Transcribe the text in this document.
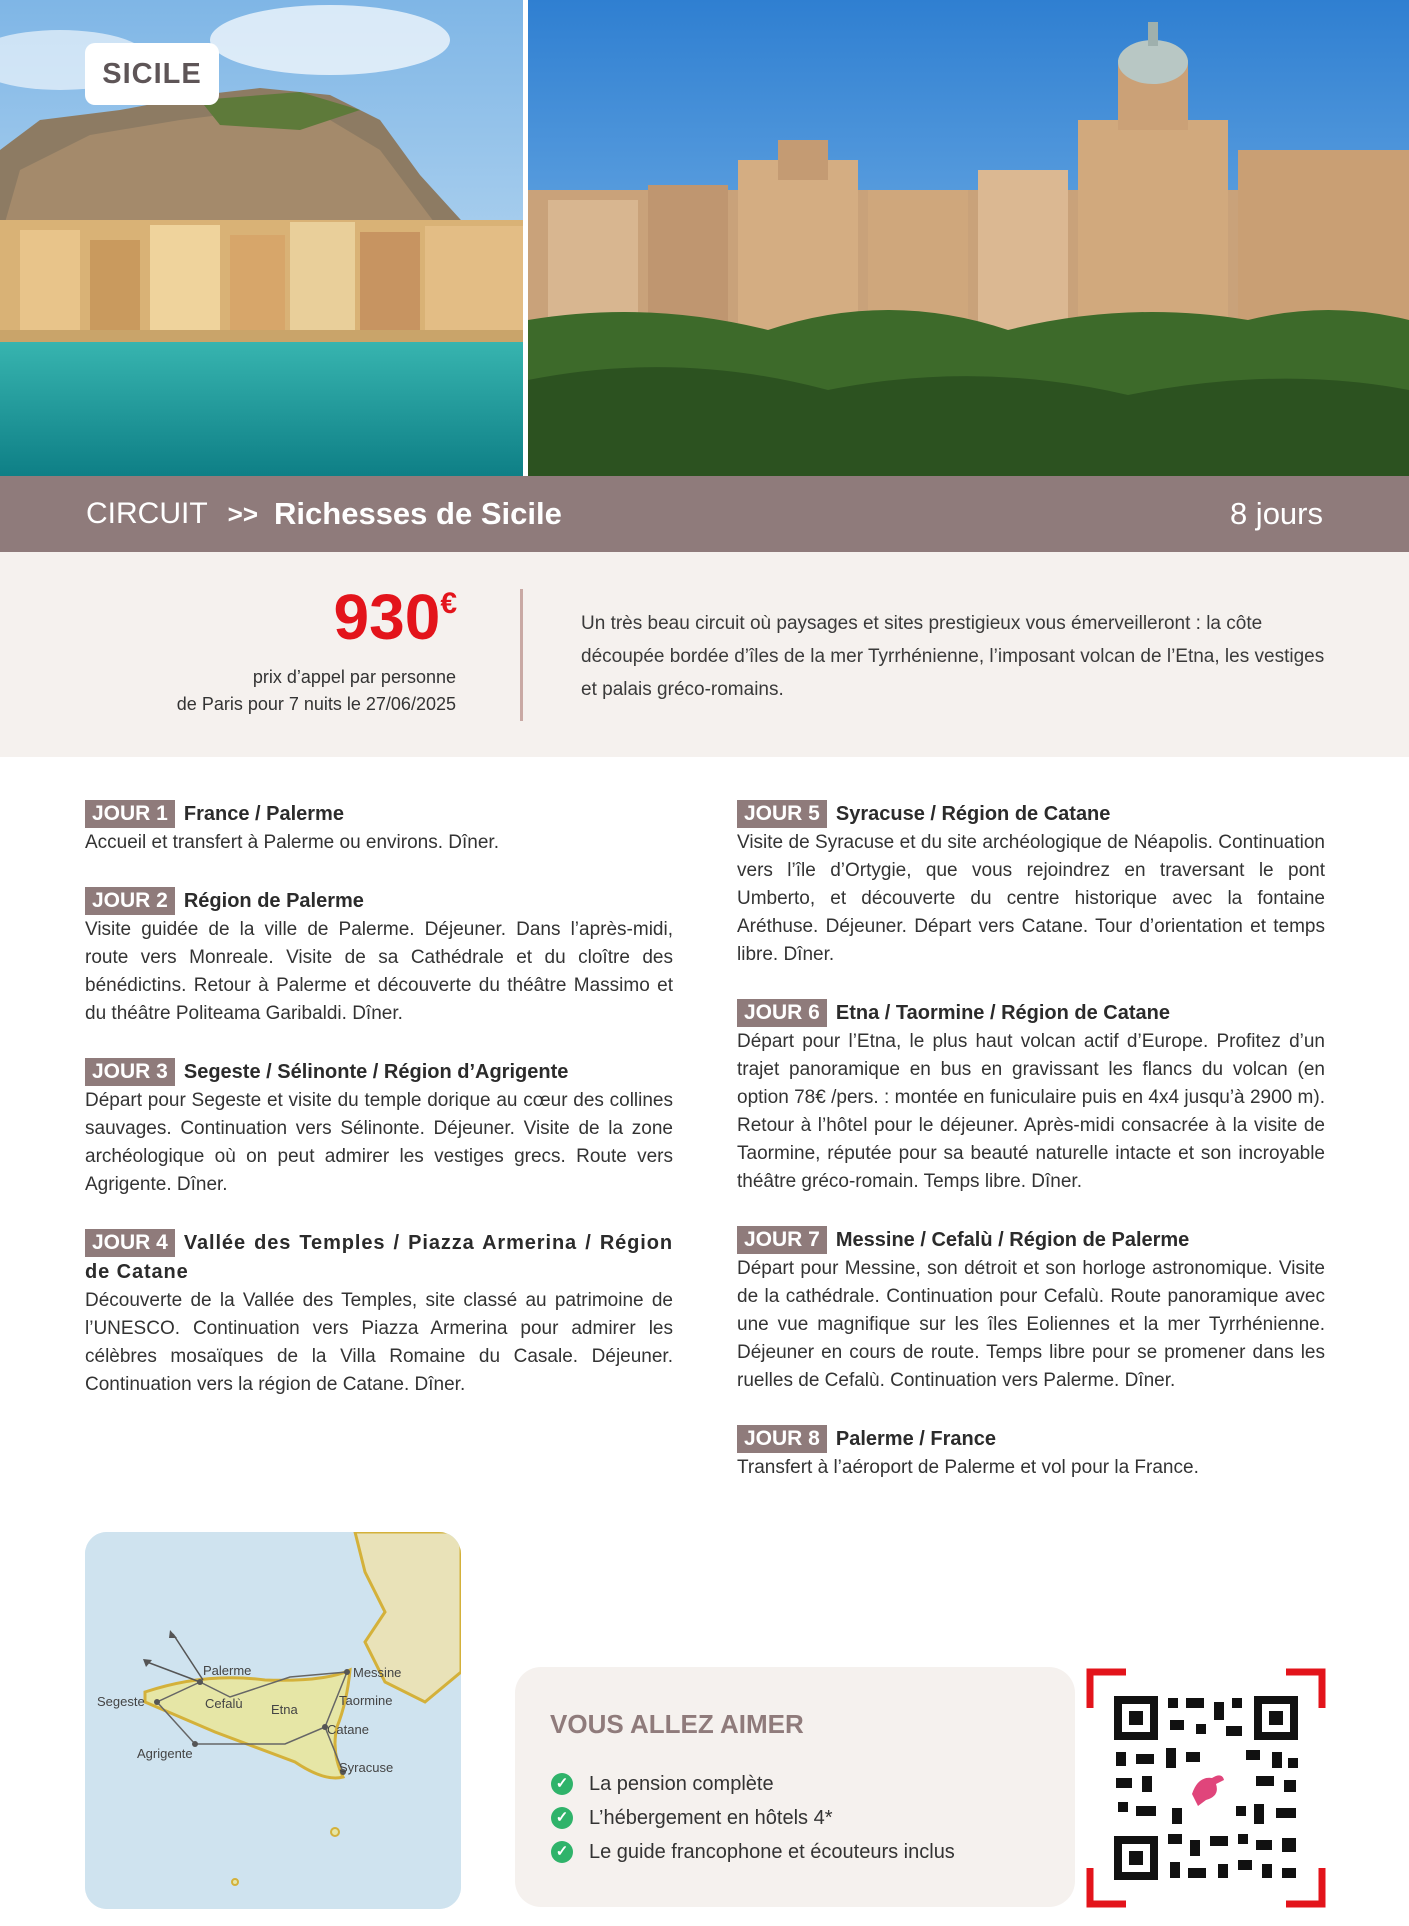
SICILE
CIRCUIT >> Richesses de Sicile	8 jours
930€
prix d’appel par personne
de Paris pour 7 nuits le 27/06/2025
Un très beau circuit où paysages et sites prestigieux vous émerveilleront : la côte découpée bordée d’îles de la mer Tyrrhénienne, l’imposant volcan de l’Etna, les vestiges et palais gréco-romains.

JOUR 1 France / Palerme

Accueil et transfert à Palerme ou environs. Dîner.

JOUR 2 Région de Palerme

Visite guidée de la ville de Palerme. Déjeuner. Dans l’après-midi, route vers Monreale. Visite de sa Cathédrale et du cloître des bénédictins. Retour à Palerme et découverte du théâtre Massimo et du théâtre Politeama Garibaldi. Dîner.

JOUR 3 Segeste / Sélinonte / Région d’Agrigente

Départ pour Segeste et visite du temple dorique au cœur des collines sauvages. Continuation vers Sélinonte. Déjeuner. Visite de la zone archéologique où on peut admirer les vestiges grecs. Route vers Agrigente. Dîner.

JOUR 4 Vallée des Temples / Piazza Armerina / Région de Catane

Découverte de la Vallée des Temples, site classé au patrimoine de l’UNESCO. Continuation vers Piazza Armerina pour admirer les célèbres mosaïques de la Villa Romaine du Casale. Déjeuner. Continuation vers la région de Catane. Dîner.

JOUR 5 Syracuse / Région de Catane

Visite de Syracuse et du site archéologique de Néapolis. Continuation vers l’île d’Ortygie, que vous rejoindrez en traversant le pont Umberto, et découverte du centre historique avec la fontaine Aréthuse. Déjeuner. Départ vers Catane. Tour d’orientation et temps libre. Dîner.

JOUR 6 Etna / Taormine / Région de Catane

Départ pour l’Etna, le plus haut volcan actif d’Europe. Profitez d’un trajet panoramique en bus en gravissant les flancs du volcan (en option 78€ /pers. : montée en funiculaire puis en 4x4 jusqu’à 2900 m). Retour à l’hôtel pour le déjeuner. Après-midi consacrée à la visite de Taormine, réputée pour sa beauté naturelle intacte et son incroyable théâtre gréco-romain. Temps libre. Dîner.

JOUR 7 Messine / Cefalù / Région de Palerme

Départ pour Messine, son détroit et son horloge astronomique. Visite de la cathédrale. Continuation pour Cefalù. Route panoramique avec une vue magnifique sur les îles Eoliennes et la mer Tyrrhénienne. Déjeuner en cours de route. Temps libre pour se promener dans les ruelles de Cefalù. Continuation vers Palerme. Dîner.

JOUR 8 Palerme / France

Transfert à l’aéroport de Palerme et vol pour la France.

Palerme	Messine
Segeste	Cefalù Etna
Taormine
Catane
Agrigente
Syracuse
VOUS ALLEZ AIMER
✓ La pension complète
✓ L’hébergement en hôtels 4*
✓ Le guide francophone et écouteurs inclus
